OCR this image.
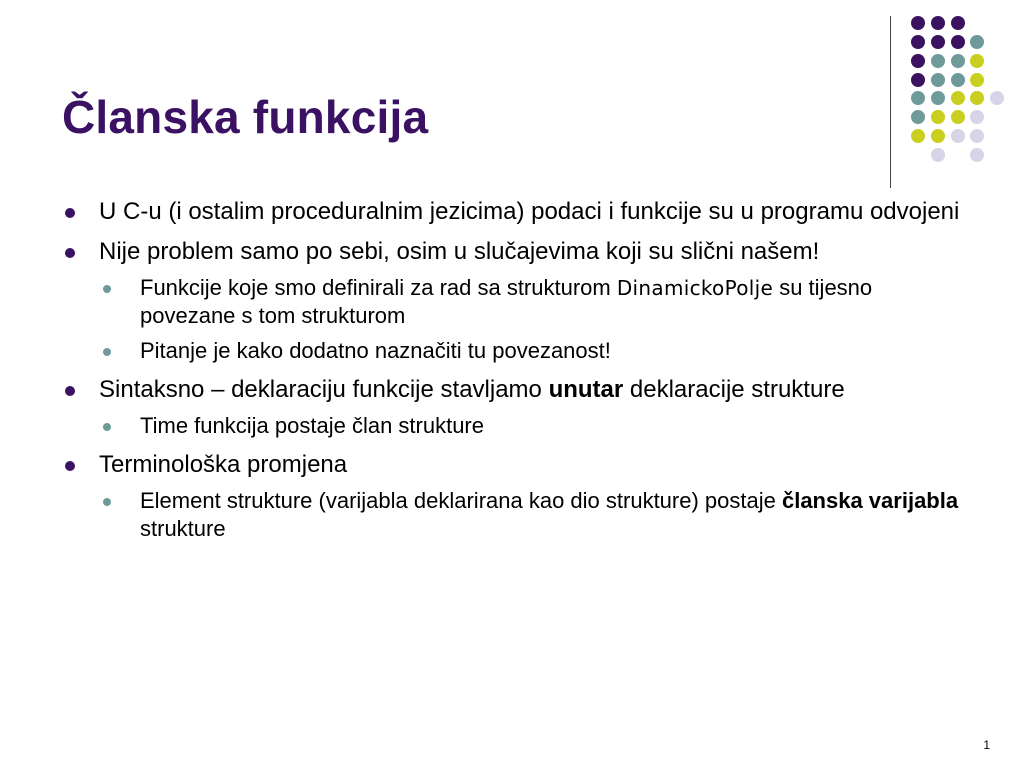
Članska funkcija
U C-u (i ostalim proceduralnim jezicima) podaci i funkcije su u programu odvojeni
Nije problem samo po sebi, osim u slučajevima koji su slični našem!
Funkcije koje smo definirali za rad sa strukturom DinamickoPolje su tijesno povezane s tom strukturom
Pitanje je kako dodatno naznačiti tu povezanost!
Sintaksno – deklaraciju funkcije stavljamo unutar deklaracije strukture
Time funkcija postaje član strukture
Terminološka promjena
Element strukture (varijabla deklarirana kao dio strukture) postaje članska varijabla strukture
1
